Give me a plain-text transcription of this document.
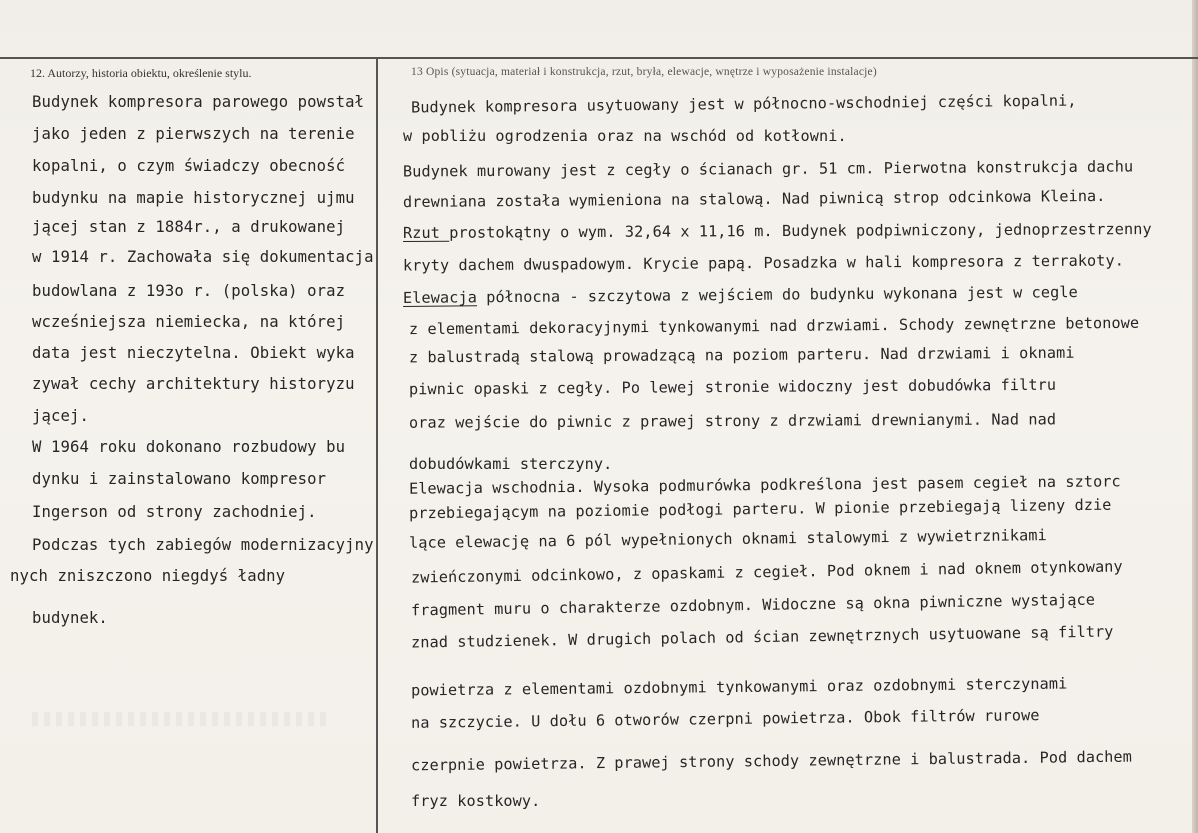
12. Autorzy, historia obiektu, określenie stylu.	13 Opis (sytuacja, materiał i konstrukcja, rzut, bryła, elewacje, wnętrze i wyposażenie instalacje)
Budynek kompresora parowego powstał
jako jeden z pierwszych na terenie
kopalni, o czym świadczy obecność
budynku na mapie historycznej ujmu
jącej stan z 1884r., a drukowanej
w 1914 r. Zachowała się dokumentacja
budowlana z 193o r. (polska) oraz
wcześniejsza niemiecka, na której
data jest nieczytelna. Obiekt wyka
zywał cechy architektury historyzu
jącej.
W 1964 roku dokonano rozbudowy bu
dynku i zainstalowano kompresor
Ingerson od strony zachodniej.
Podczas tych zabiegów modernizacyjny
nych zniszczono niegdyś ładny
budynek.
Budynek kompresora usytuowany jest w północno-wschodniej części kopalni,
w pobliżu ogrodzenia oraz na wschód od kotłowni.
Budynek murowany jest z cegły o ścianach gr. 51 cm. Pierwotna konstrukcja dachu
drewniana została wymieniona na stalową. Nad piwnicą strop odcinkowa Kleina.
Rzut prostokątny o wym. 32,64 x 11,16 m. Budynek podpiwniczony, jednoprzestrzenny
kryty dachem dwuspadowym. Krycie papą. Posadzka w hali kompresora z terrakoty.
Elewacja północna - szczytowa z wejściem do budynku wykonana jest w cegle
z elementami dekoracyjnymi tynkowanymi nad drzwiami. Schody zewnętrzne betonowe
z balustradą stalową prowadzącą na poziom parteru. Nad drzwiami i oknami
piwnic opaski z cegły. Po lewej stronie widoczny jest dobudówka filtru
oraz wejście do piwnic z prawej strony z drzwiami drewnianymi. Nad nad
dobudówkami sterczyny.
Elewacja wschodnia. Wysoka podmurówka podkreślona jest pasem cegieł na sztorc
przebiegającym na poziomie podłogi parteru. W pionie przebiegają lizeny dzie
lące elewację na 6 pól wypełnionych oknami stalowymi z wywietrznikami
zwieńczonymi odcinkowo, z opaskami z cegieł. Pod oknem i nad oknem otynkowany
fragment muru o charakterze ozdobnym. Widoczne są okna piwniczne wystające
znad studzienek. W drugich polach od ścian zewnętrznych usytuowane są filtry
powietrza z elementami ozdobnymi tynkowanymi oraz ozdobnymi sterczynami
na szczycie. U dołu 6 otworów czerpni powietrza. Obok filtrów rurowe
czerpnie powietrza. Z prawej strony schody zewnętrzne i balustrada. Pod dachem
fryz kostkowy.
